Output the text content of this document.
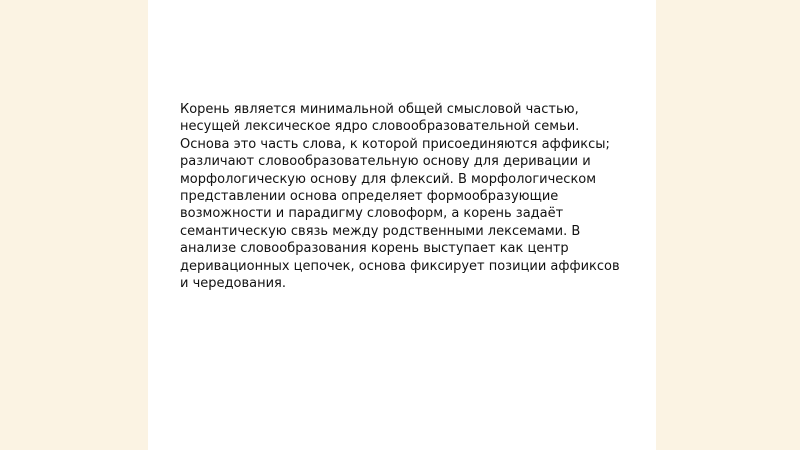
Корень является минимальной общей смысловой частью,
несущей лексическое ядро словообразовательной семьи.
Основа это часть слова, к которой присоединяются аффиксы;
различают словообразовательную основу для деривации и
морфологическую основу для флексий. В морфологическом
представлении основа определяет формообразующие
возможности и парадигму словоформ, а корень задаёт
семантическую связь между родственными лексемами. В
анализе словообразования корень выступает как центр
деривационных цепочек, основа фиксирует позиции аффиксов
и чередования.
